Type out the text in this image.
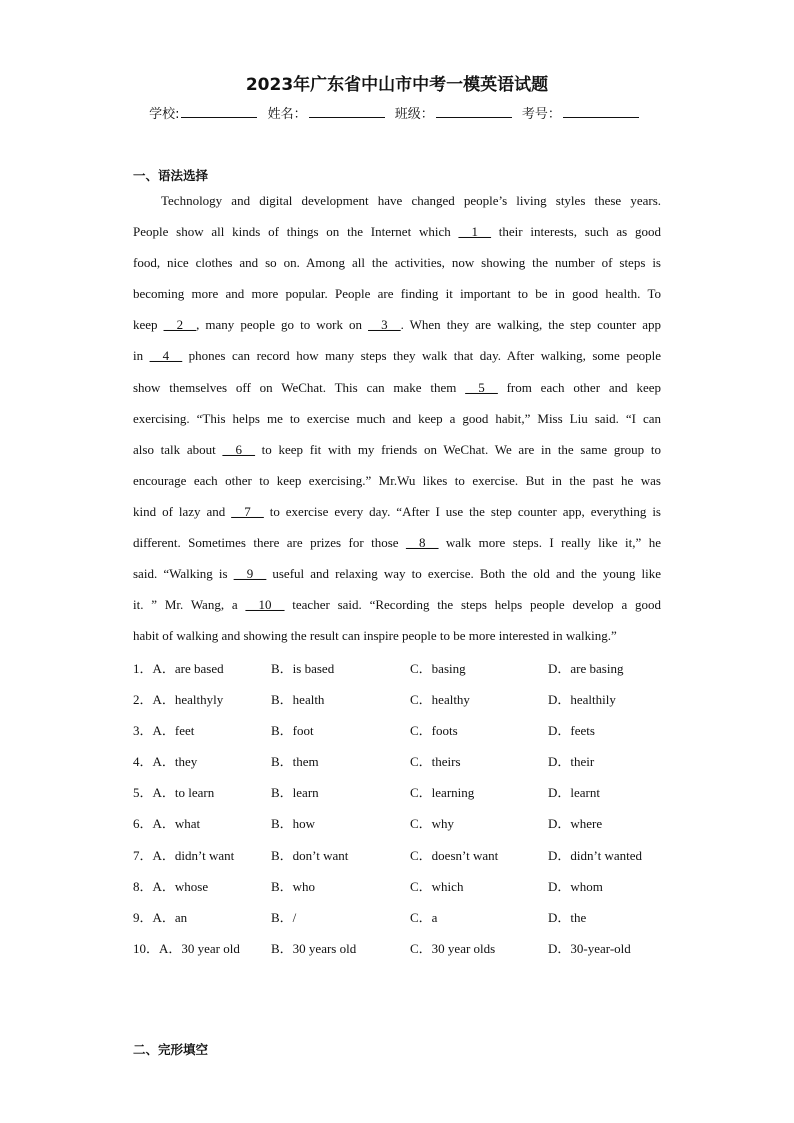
2023年广东省中山市中考一模英语试题
学校:	姓名：	班级：	考号：
一、语法选择
Technology and digital development have changed people’s living styles these years.
People show all kinds of things on the Internet which __1__ their interests, such as good
food, nice clothes and so on. Among all the activities, now showing the number of steps is
becoming more and more popular. People are finding it important to be in good health. To
keep __2__, many people go to work on __3__. When they are walking, the step counter app
in __4__ phones can record how many steps they walk that day. After walking, some people
show themselves off on WeChat. This can make them __5__ from each other and keep
exercising. “This helps me to exercise much and keep a good habit,” Miss Liu said. “I can
also talk about __6__ to keep fit with my friends on WeChat. We are in the same group to
encourage each other to keep exercising.” Mr.Wu likes to exercise. But in the past he was
kind of lazy and __7__ to exercise every day. “After I use the step counter app, everything is
different. Sometimes there are prizes for those __8__ walk more steps. I really like it,” he
said. “Walking is __9__ useful and relaxing way to exercise. Both the old and the young like
it. ” Mr. Wang, a __10__ teacher said. “Recording the steps helps people develop a good
habit of walking and showing the result can inspire people to be more interested in walking.”
1．A．are based	B．is based	C．basing	D．are basing
2．A．healthyly	B．health	C．healthy	D．healthily
3．A．feet	B．foot	C．foots	D．feets
4．A．they	B．them	C．theirs	D．their
5．A．to learn	B．learn	C．learning	D．learnt
6．A．what	B．how	C．why	D．where
7．A．didn’t want	B．don’t want	C．doesn’t want	D．didn’t wanted
8．A．whose	B．who	C．which	D．whom
9．A．an	B．/	C．a	D．the
10．A．30 year old B．30 years old	C．30 year olds	D．30-year-old
二、完形填空
